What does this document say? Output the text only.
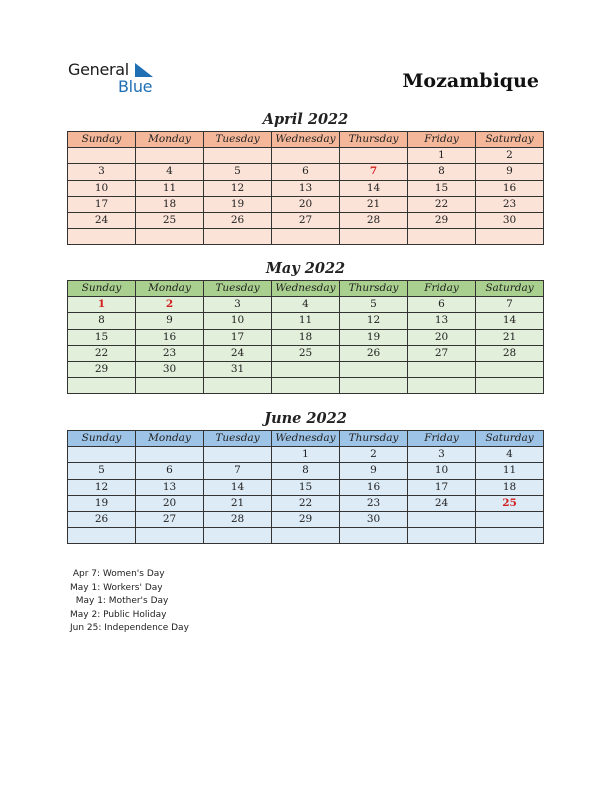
General
Blue	Mozambique
April 2022
Sunday	Monday	Tuesday	Wednesday	Thursday	Friday	Saturday
					1	2
3	4	5	6	7	8	9
10	11	12	13	14	15	16
17	18	19	20	21	22	23
24	25	26	27	28	29	30

May 2022
Sunday	Monday	Tuesday	Wednesday	Thursday	Friday	Saturday
1	2	3	4	5	6	7
8	9	10	11	12	13	14
15	16	17	18	19	20	21
22	23	24	25	26	27	28
29	30	31				

June 2022
Sunday	Monday	Tuesday	Wednesday	Thursday	Friday	Saturday
			1	2	3	4
5	6	7	8	9	10	11
12	13	14	15	16	17	18
19	20	21	22	23	24	25
26	27	28	29	30		

Apr 7: Women's Day
May 1: Workers' Day
May 1: Mother's Day
May 2: Public Holiday
Jun 25: Independence Day
